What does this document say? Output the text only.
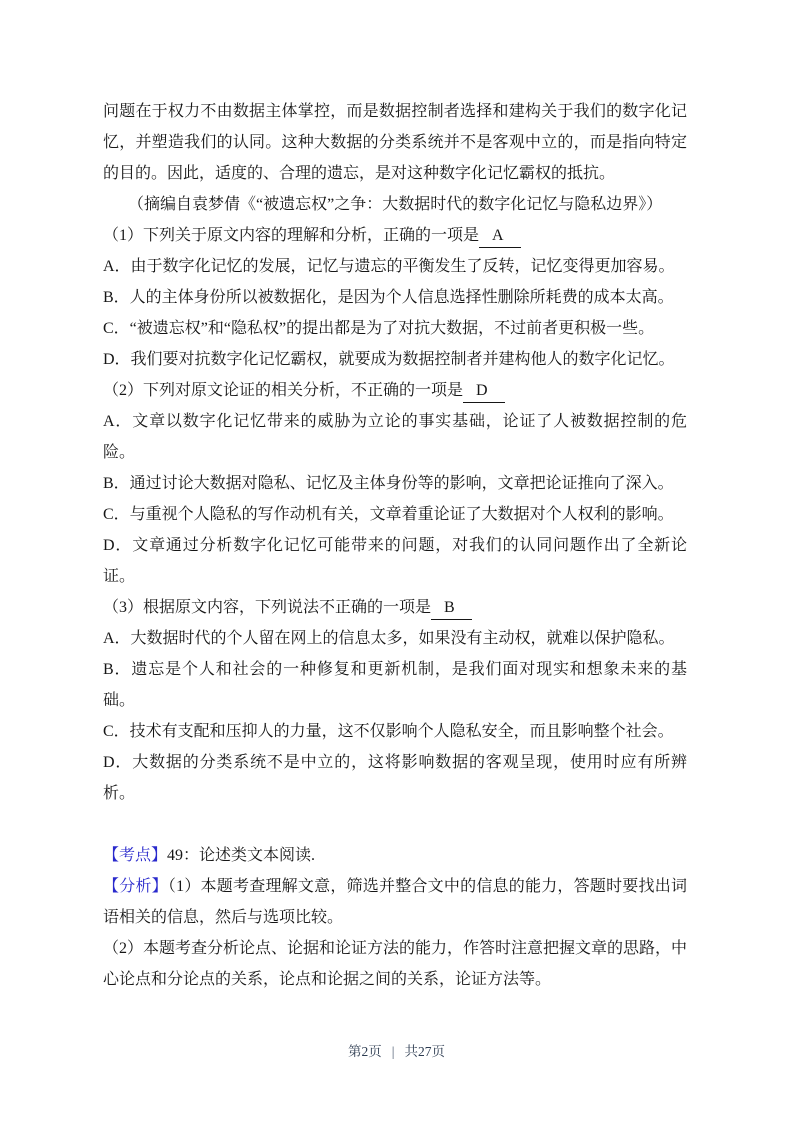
问题在于权力不由数据主体掌控，而是数据控制者选择和建构关于我们的数字化记忆，并塑造我们的认同。这种大数据的分类系统并不是客观中立的，而是指向特定的目的。因此，适度的、合理的遗忘，是对这种数字化记忆霸权的抵抗。

（摘编自袁梦倩《“被遗忘权”之争：大数据时代的数字化记忆与隐私边界》）

（1）下列关于原文内容的理解和分析，正确的一项是 A

A．由于数字化记忆的发展，记忆与遗忘的平衡发生了反转，记忆变得更加容易。

B．人的主体身份所以被数据化，是因为个人信息选择性删除所耗费的成本太高。

C．“被遗忘权”和“隐私权”的提出都是为了对抗大数据，不过前者更积极一些。

D．我们要对抗数字化记忆霸权，就要成为数据控制者并建构他人的数字化记忆。

（2）下列对原文论证的相关分析，不正确的一项是 D

A．文章以数字化记忆带来的威胁为立论的事实基础，论证了人被数据控制的危险。

B．通过讨论大数据对隐私、记忆及主体身份等的影响，文章把论证推向了深入。

C．与重视个人隐私的写作动机有关，文章着重论证了大数据对个人权利的影响。

D．文章通过分析数字化记忆可能带来的问题，对我们的认同问题作出了全新论证。

（3）根据原文内容，下列说法不正确的一项是 B

A．大数据时代的个人留在网上的信息太多，如果没有主动权，就难以保护隐私。

B．遗忘是个人和社会的一种修复和更新机制，是我们面对现实和想象未来的基础。

C．技术有支配和压抑人的力量，这不仅影响个人隐私安全，而且影响整个社会。

D．大数据的分类系统不是中立的，这将影响数据的客观呈现，使用时应有所辨析。

【考点】49：论述类文本阅读.

【分析】（1）本题考查理解文意，筛选并整合文中的信息的能力，答题时要找出词语相关的信息，然后与选项比较。

（2）本题考查分析论点、论据和论证方法的能力，作答时注意把握文章的思路，中心论点和分论点的关系，论点和论据之间的关系，论证方法等。

第2页 | 共27页
